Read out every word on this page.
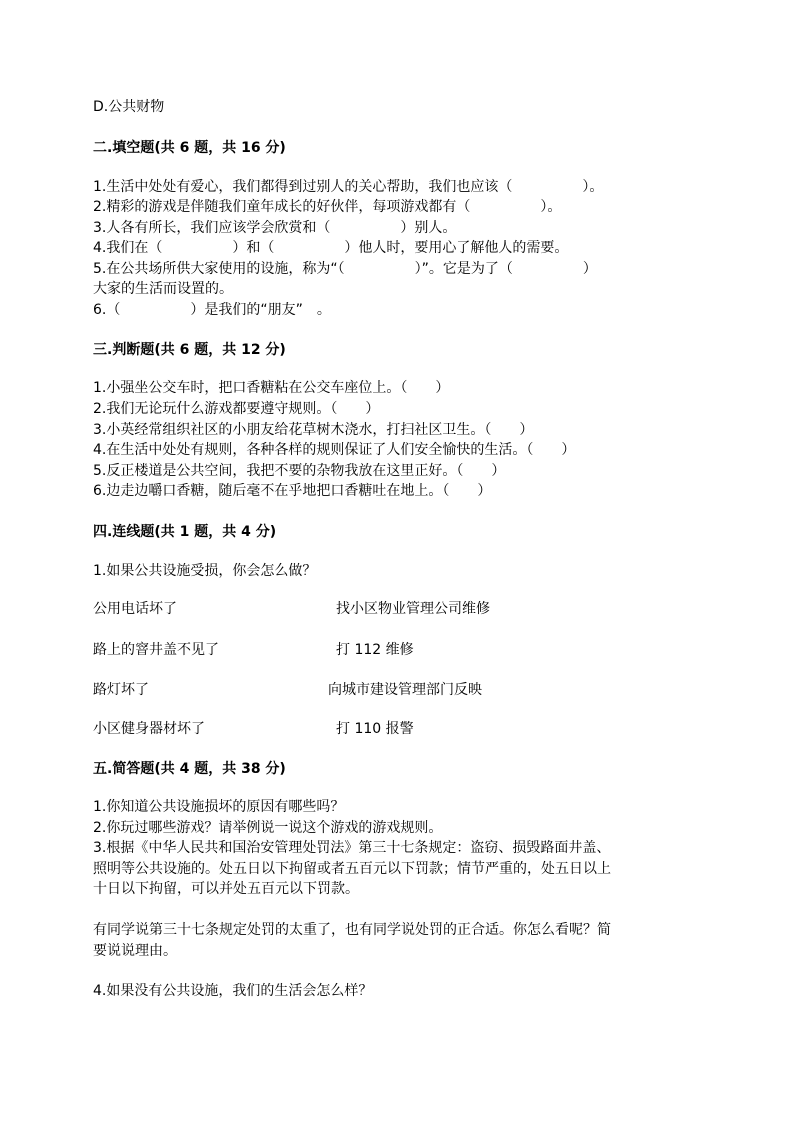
D.公共财物
二.填空题(共 6 题，共 16 分)
1.生活中处处有爱心，我们都得到过别人的关心帮助，我们也应该（　　　　　）。
2.精彩的游戏是伴随我们童年成长的好伙伴，每项游戏都有（　　　　　）。
3.人各有所长，我们应该学会欣赏和（　　　　　）别人。
4.我们在（　　　　　）和（　　　　　）他人时，要用心了解他人的需要。
5.在公共场所供大家使用的设施，称为“（　　　　　）”。它是为了（　　　　　）
大家的生活而设置的。
6.（　　　　　）是我们的“朋友”　。
三.判断题(共 6 题，共 12 分)
1.小强坐公交车时，把口香糖粘在公交车座位上。（　　）
2.我们无论玩什么游戏都要遵守规则。（　　）
3.小英经常组织社区的小朋友给花草树木浇水，打扫社区卫生。（　　）
4.在生活中处处有规则，各种各样的规则保证了人们安全愉快的生活。（　　）
5.反正楼道是公共空间，我把不要的杂物我放在这里正好。（　　）
6.边走边嚼口香糖，随后毫不在乎地把口香糖吐在地上。（　　）
四.连线题(共 1 题，共 4 分)
1.如果公共设施受损，你会怎么做？
公用电话坏了	找小区物业管理公司维修
路上的窨井盖不见了	打 112 维修
路灯坏了	向城市建设管理部门反映
小区健身器材坏了	打 110 报警
五.简答题(共 4 题，共 38 分)
1.你知道公共设施损坏的原因有哪些吗？
2.你玩过哪些游戏？请举例说一说这个游戏的游戏规则。
3.根据《中华人民共和国治安管理处罚法》第三十七条规定：盗窃、损毁路面井盖、
照明等公共设施的。处五日以下拘留或者五百元以下罚款；情节严重的，处五日以上
十日以下拘留，可以并处五百元以下罚款。
有同学说第三十七条规定处罚的太重了，也有同学说处罚的正合适。你怎么看呢？简
要说说理由。
4.如果没有公共设施，我们的生活会怎么样？
